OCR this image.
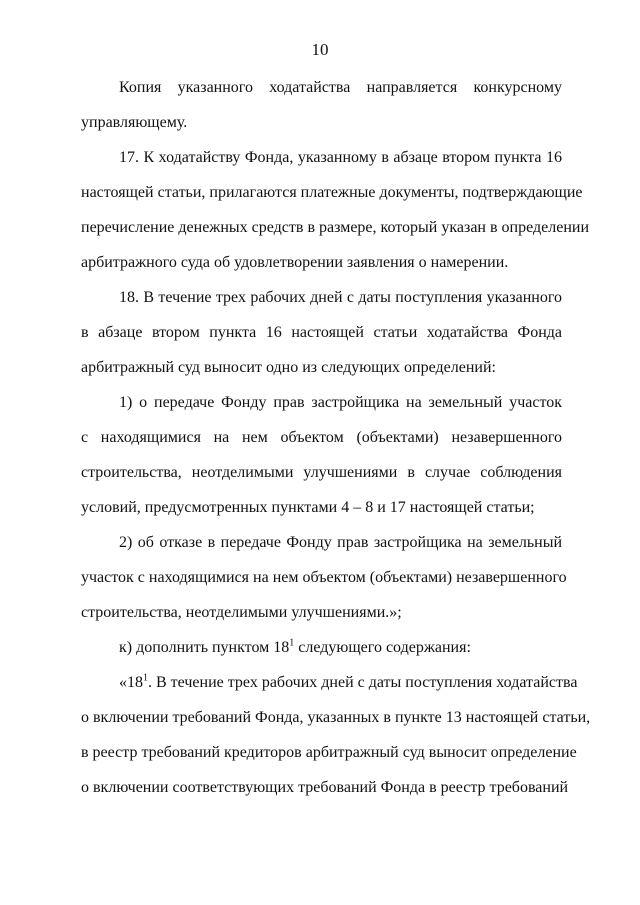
10

Копия указанного ходатайства направляется конкурсному

управляющему.

17. К ходатайству Фонда, указанному в абзаце втором пункта 16

настоящей статьи, прилагаются платежные документы, подтверждающие

перечисление денежных средств в размере, который указан в определении

арбитражного суда об удовлетворении заявления о намерении.

18. В течение трех рабочих дней с даты поступления указанного

в абзаце втором пункта 16 настоящей статьи ходатайства Фонда

арбитражный суд выносит одно из следующих определений:

1) о передаче Фонду прав застройщика на земельный участок

с находящимися на нем объектом (объектами) незавершенного

строительства, неотделимыми улучшениями в случае соблюдения

условий, предусмотренных пунктами 4 – 8 и 17 настоящей статьи;

2) об отказе в передаче Фонду прав застройщика на земельный

участок с находящимися на нем объектом (объектами) незавершенного

строительства, неотделимыми улучшениями.»;

к) дополнить пунктом $18^1$ следующего содержания:

«$18^1$. В течение трех рабочих дней с даты поступления ходатайства

о включении требований Фонда, указанных в пункте 13 настоящей статьи,

в реестр требований кредиторов арбитражный суд выносит определение

о включении соответствующих требований Фонда в реестр требований
